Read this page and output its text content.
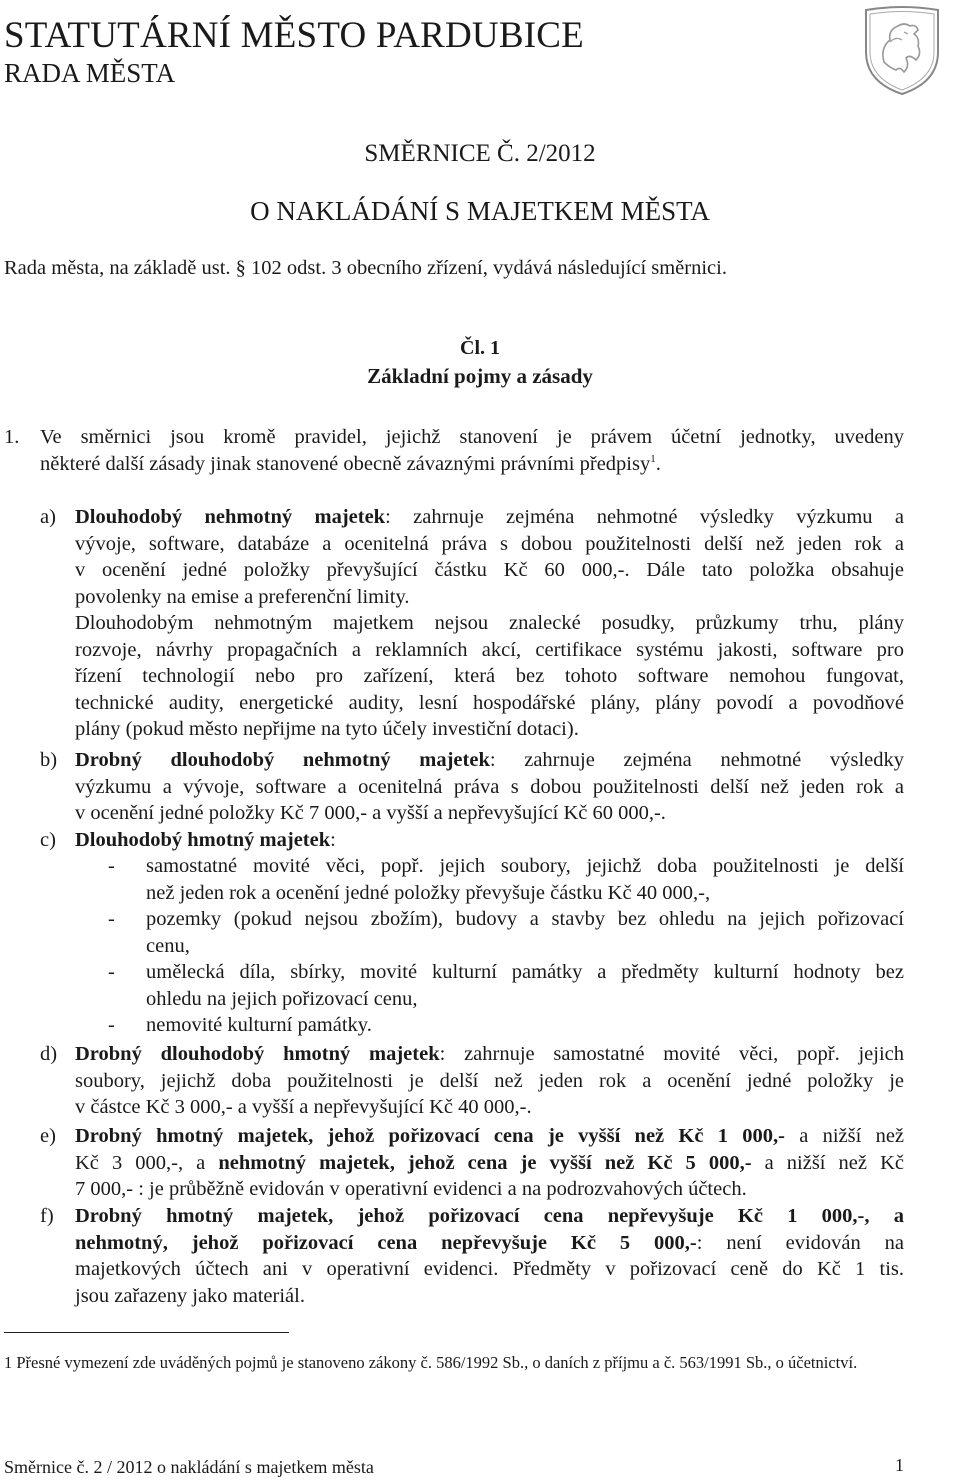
STATUTÁRNÍ MĚSTO PARDUBICE
RADA MĚSTA
SMĚRNICE Č. 2/2012
O NAKLÁDÁNÍ S MAJETKEM MĚSTA
Rada města, na základě ust. § 102 odst. 3 obecního zřízení, vydává následující směrnici.
Čl. 1
Základní pojmy a zásady
1. Ve směrnici jsou kromě pravidel, jejichž stanovení je právem účetní jednotky, uvedeny
některé další zásady jinak stanovené obecně závaznými právními předpisy$^1$.
a) Dlouhodobý nehmotný majetek: zahrnuje zejména nehmotné výsledky výzkumu a
vývoje, software, databáze a ocenitelná práva s dobou použitelnosti delší než jeden rok a
v ocenění jedné položky převyšující částku Kč 60 000,-. Dále tato položka obsahuje
povolenky na emise a preferenční limity.
Dlouhodobým nehmotným majetkem nejsou znalecké posudky, průzkumy trhu, plány
rozvoje, návrhy propagačních a reklamních akcí, certifikace systému jakosti, software pro
řízení technologií nebo pro zařízení, která bez tohoto software nemohou fungovat,
technické audity, energetické audity, lesní hospodářské plány, plány povodí a povodňové
plány (pokud město nepřijme na tyto účely investiční dotaci).
b) Drobný dlouhodobý nehmotný majetek: zahrnuje zejména nehmotné výsledky
výzkumu a vývoje, software a ocenitelná práva s dobou použitelnosti delší než jeden rok a
v ocenění jedné položky Kč 7 000,- a vyšší a nepřevyšující Kč 60 000,-.
c) Dlouhodobý hmotný majetek:
- samostatné movité věci, popř. jejich soubory, jejichž doba použitelnosti je delší
než jeden rok a ocenění jedné položky převyšuje částku Kč 40 000,-,
- pozemky (pokud nejsou zbožím), budovy a stavby bez ohledu na jejich pořizovací
cenu,
- umělecká díla, sbírky, movité kulturní památky a předměty kulturní hodnoty bez
ohledu na jejich pořizovací cenu,
- nemovité kulturní památky.
d) Drobný dlouhodobý hmotný majetek: zahrnuje samostatné movité věci, popř. jejich
soubory, jejichž doba použitelnosti je delší než jeden rok a ocenění jedné položky je
v částce Kč 3 000,- a vyšší a nepřevyšující Kč 40 000,-.
e) Drobný hmotný majetek, jehož pořizovací cena je vyšší než Kč 1 000,- a nižší než
Kč 3 000,-, a nehmotný majetek, jehož cena je vyšší než Kč 5 000,- a nižší než Kč
7 000,- : je průběžně evidován v operativní evidenci a na podrozvahových účtech.
f) Drobný hmotný majetek, jehož pořizovací cena nepřevyšuje Kč 1 000,-, a
nehmotný, jehož pořizovací cena nepřevyšuje Kč 5 000,-: není evidován na
majetkových účtech ani v operativní evidenci. Předměty v pořizovací ceně do Kč 1 tis.
jsou zařazeny jako materiál.
1 Přesné vymezení zde uváděných pojmů je stanoveno zákony č. 586/1992 Sb., o daních z příjmu a č. 563/1991 Sb., o účetnictví.
Směrnice č. 2 / 2012 o nakládání s majetkem města	1
